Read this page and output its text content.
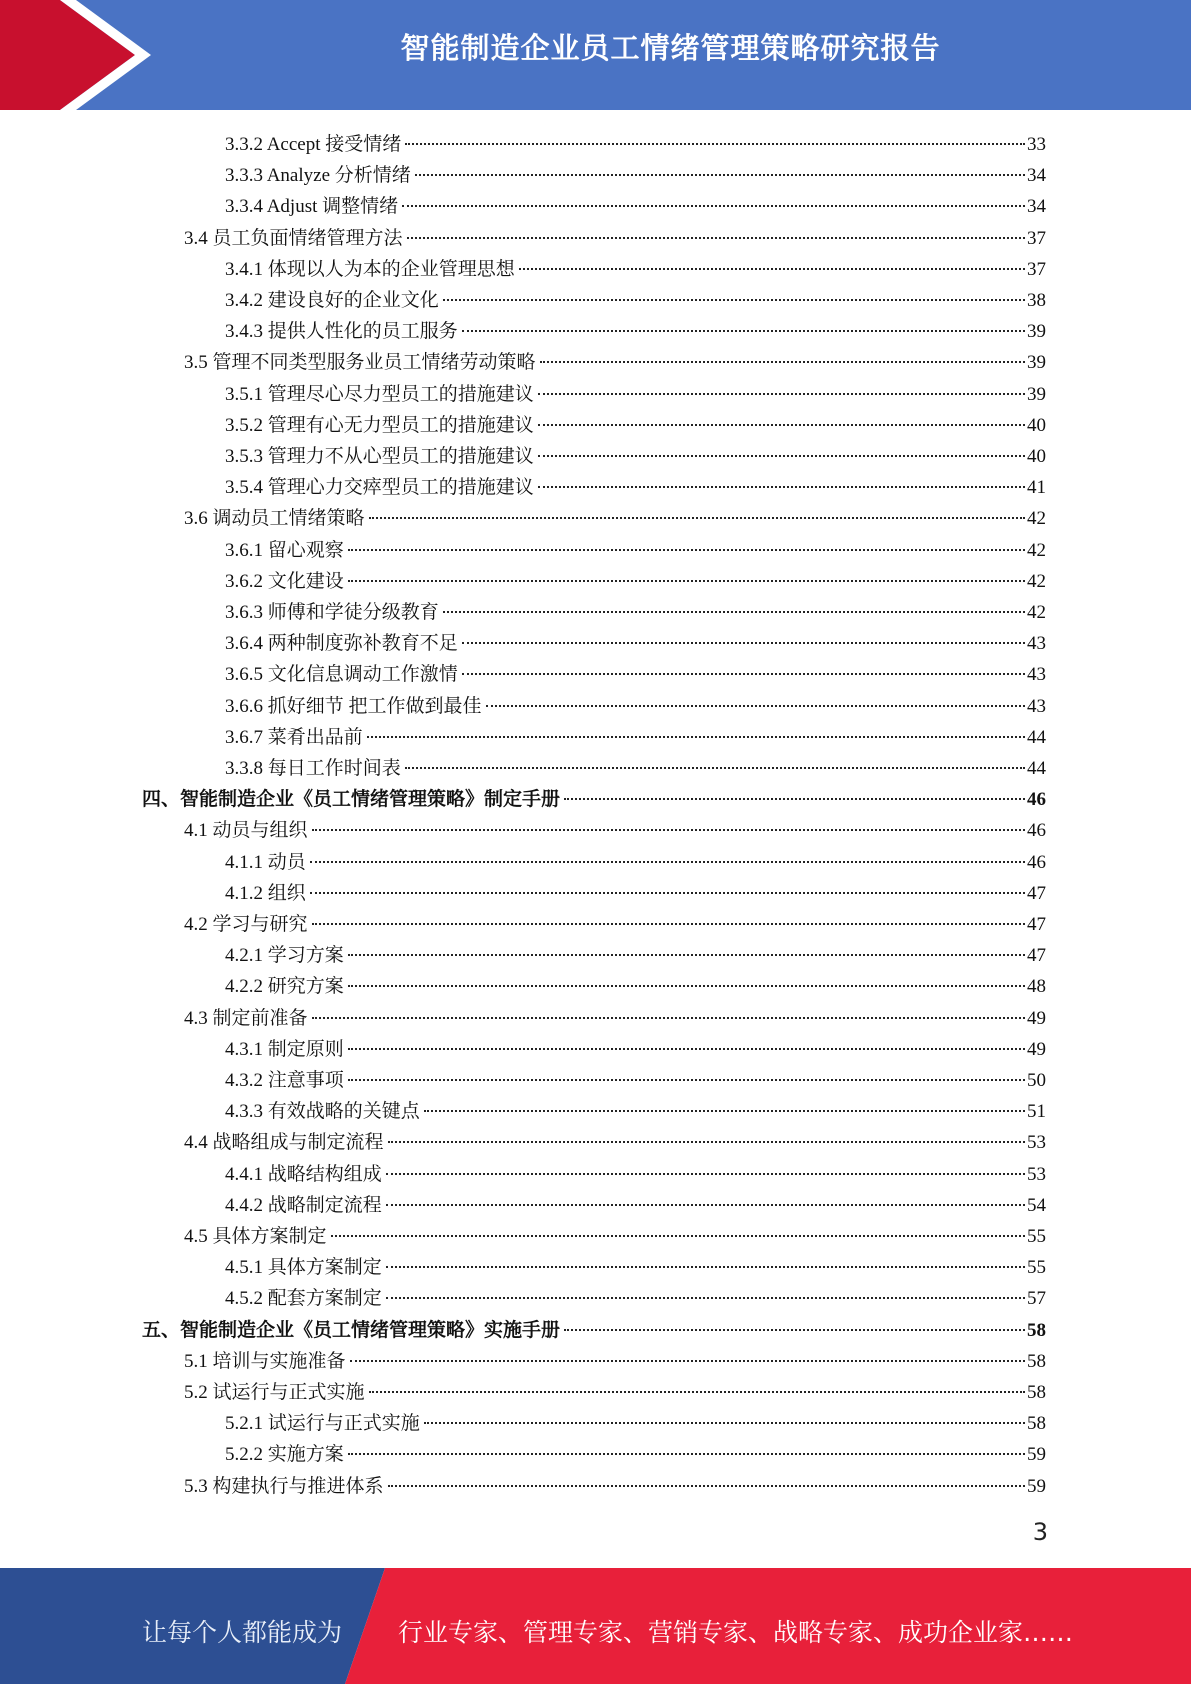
智能制造企业员工情绪管理策略研究报告
3.3.2 Accept 接受情绪	33
3.3.3 Analyze 分析情绪	34
3.3.4 Adjust 调整情绪	34
3.4 员工负面情绪管理方法	37
3.4.1 体现以人为本的企业管理思想	37
3.4.2 建设良好的企业文化	38
3.4.3 提供人性化的员工服务	39
3.5 管理不同类型服务业员工情绪劳动策略	39
3.5.1 管理尽心尽力型员工的措施建议	39
3.5.2 管理有心无力型员工的措施建议	40
3.5.3 管理力不从心型员工的措施建议	40
3.5.4 管理心力交瘁型员工的措施建议	41
3.6 调动员工情绪策略	42
3.6.1 留心观察	42
3.6.2 文化建设	42
3.6.3 师傅和学徒分级教育	42
3.6.4 两种制度弥补教育不足	43
3.6.5 文化信息调动工作激情	43
3.6.6 抓好细节 把工作做到最佳	43
3.6.7 菜肴出品前	44
3.3.8 每日工作时间表	44
四、智能制造企业《员工情绪管理策略》制定手册	46
4.1 动员与组织	46
4.1.1 动员	46
4.1.2 组织	47
4.2 学习与研究	47
4.2.1 学习方案	47
4.2.2 研究方案	48
4.3 制定前准备	49
4.3.1 制定原则	49
4.3.2 注意事项	50
4.3.3 有效战略的关键点	51
4.4 战略组成与制定流程	53
4.4.1 战略结构组成	53
4.4.2 战略制定流程	54
4.5 具体方案制定	55
4.5.1 具体方案制定	55
4.5.2 配套方案制定	57
五、智能制造企业《员工情绪管理策略》实施手册	58
5.1 培训与实施准备	58
5.2 试运行与正式实施	58
5.2.1 试运行与正式实施	58
5.2.2 实施方案	59
5.3 构建执行与推进体系	59
3
让每个人都能成为 行业专家、管理专家、营销专家、战略专家、成功企业家……
